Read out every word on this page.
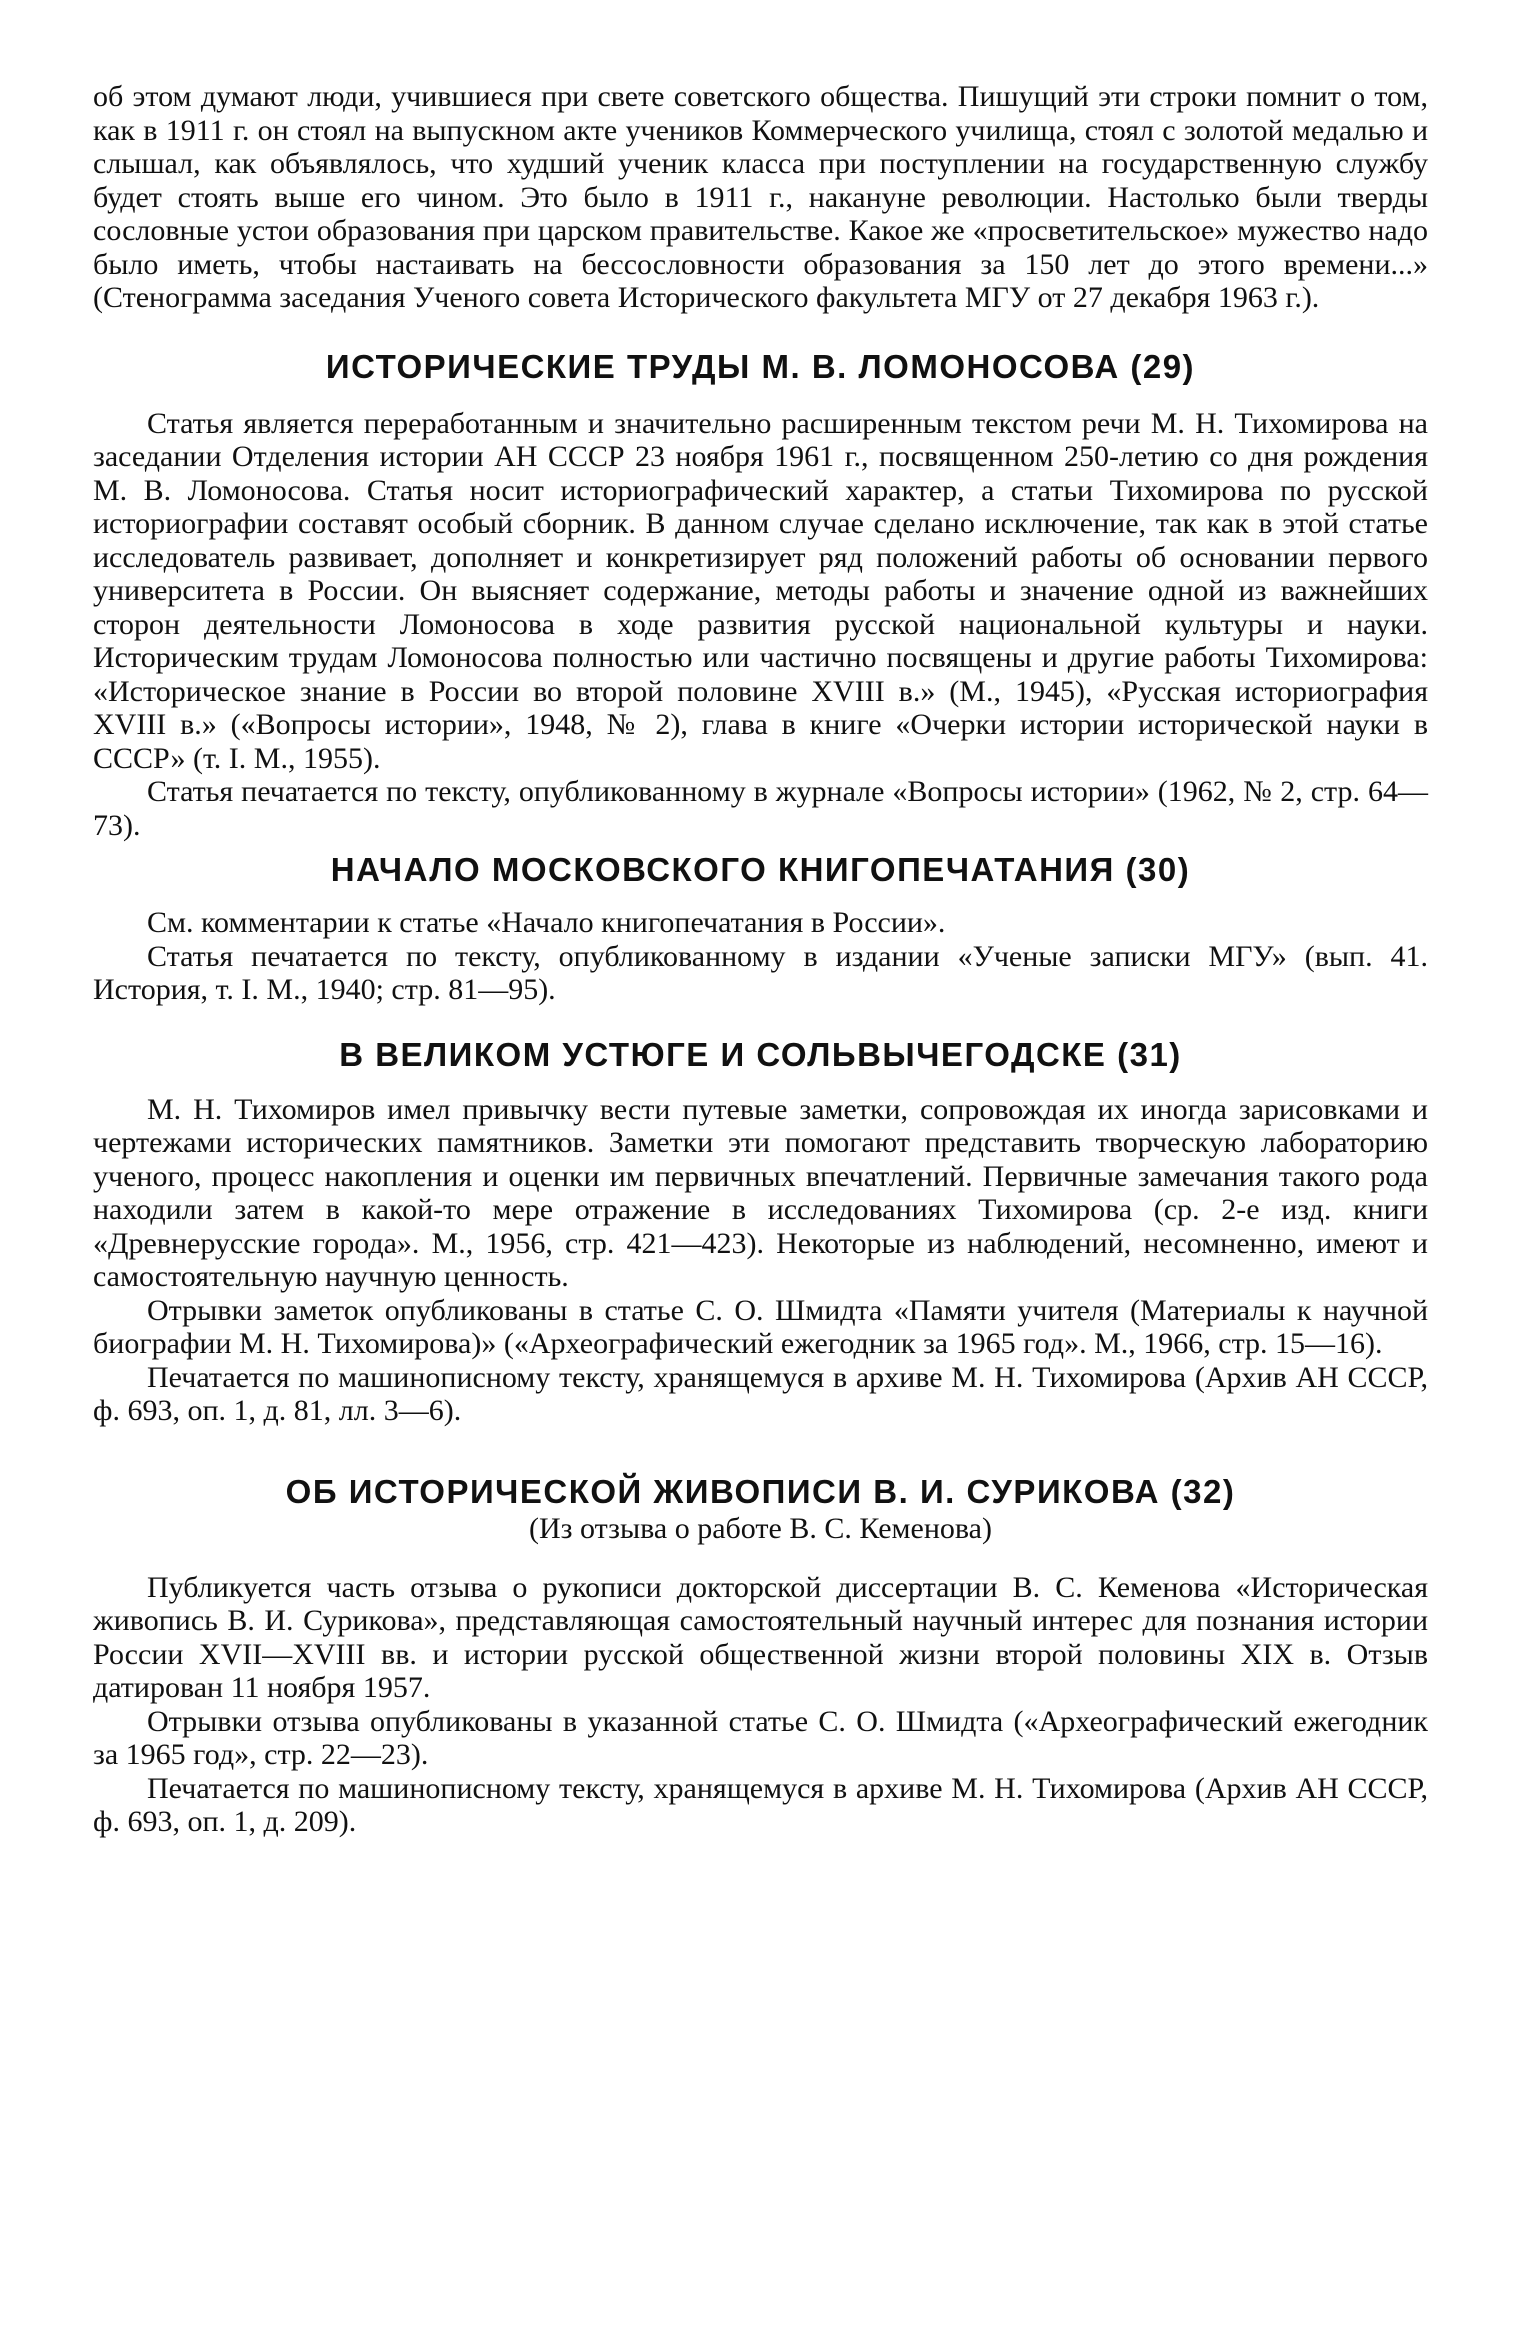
об этом думают люди, учившиеся при свете советского общества. Пишущий эти строки помнит о том, как в 1911 г. он стоял на выпускном акте учеников Коммерческого училища, стоял с золотой медалью и слышал, как объявлялось, что худший ученик класса при поступлении на государственную службу будет стоять выше его чином. Это было в 1911 г., накануне революции. Настолько были тверды сословные устои образования при царском правительстве. Какое же «просветительское» мужество надо было иметь, чтобы настаивать на бессословности образования за 150 лет до этого времени...» (Стенограмма заседания Ученого совета Исторического факультета МГУ от 27 декабря 1963 г.).

ИСТОРИЧЕСКИЕ ТРУДЫ М. В. ЛОМОНОСОВА (29)

Статья является переработанным и значительно расширенным текстом речи М. Н. Тихомирова на заседании Отделения истории АН СССР 23 ноября 1961 г., посвященном 250-летию со дня рождения М. В. Ломоносова. Статья носит историографический характер, а статьи Тихомирова по русской историографии составят особый сборник. В данном случае сделано исключение, так как в этой статье исследователь развивает, дополняет и конкретизирует ряд положений работы об основании первого университета в России. Он выясняет содержание, методы работы и значение одной из важнейших сторон деятельности Ломоносова в ходе развития русской национальной культуры и науки. Историческим трудам Ломоносова полностью или частично посвящены и другие работы Тихомирова: «Историческое знание в России во второй половине XVIII в.» (М., 1945), «Русская историография XVIII в.» («Вопросы истории», 1948, № 2), глава в книге «Очерки истории исторической науки в СССР» (т. I. М., 1955).

Статья печатается по тексту, опубликованному в журнале «Вопросы истории» (1962, № 2, стр. 64—73).

НАЧАЛО МОСКОВСКОГО КНИГОПЕЧАТАНИЯ (30)

См. комментарии к статье «Начало книгопечатания в России».

Статья печатается по тексту, опубликованному в издании «Ученые записки МГУ» (вып. 41. История, т. I. М., 1940; стр. 81—95).

В ВЕЛИКОМ УСТЮГЕ И СОЛЬВЫЧЕГОДСКЕ (31)

М. Н. Тихомиров имел привычку вести путевые заметки, сопровождая их иногда зарисовками и чертежами исторических памятников. Заметки эти помогают представить творческую лабораторию ученого, процесс накопления и оценки им первичных впечатлений. Первичные замечания такого рода находили затем в какой-то мере отражение в исследованиях Тихомирова (ср. 2-е изд. книги «Древнерусские города». М., 1956, стр. 421—423). Некоторые из наблюдений, несомненно, имеют и самостоятельную научную ценность.

Отрывки заметок опубликованы в статье С. О. Шмидта «Памяти учителя (Материалы к научной биографии М. Н. Тихомирова)» («Археографический ежегодник за 1965 год». М., 1966, стр. 15—16).

Печатается по машинописному тексту, хранящемуся в архиве М. Н. Тихомирова (Архив АН СССР, ф. 693, оп. 1, д. 81, лл. 3—6).

ОБ ИСТОРИЧЕСКОЙ ЖИВОПИСИ В. И. СУРИКОВА (32)
(Из отзыва о работе В. С. Кеменова)

Публикуется часть отзыва о рукописи докторской диссертации В. С. Кеменова «Историческая живопись В. И. Сурикова», представляющая самостоятельный научный интерес для познания истории России XVII—XVIII вв. и истории русской общественной жизни второй половины XIX в. Отзыв датирован 11 ноября 1957.

Отрывки отзыва опубликованы в указанной статье С. О. Шмидта («Археографический ежегодник за 1965 год», стр. 22—23).

Печатается по машинописному тексту, хранящемуся в архиве М. Н. Тихомирова (Архив АН СССР, ф. 693, оп. 1, д. 209).
